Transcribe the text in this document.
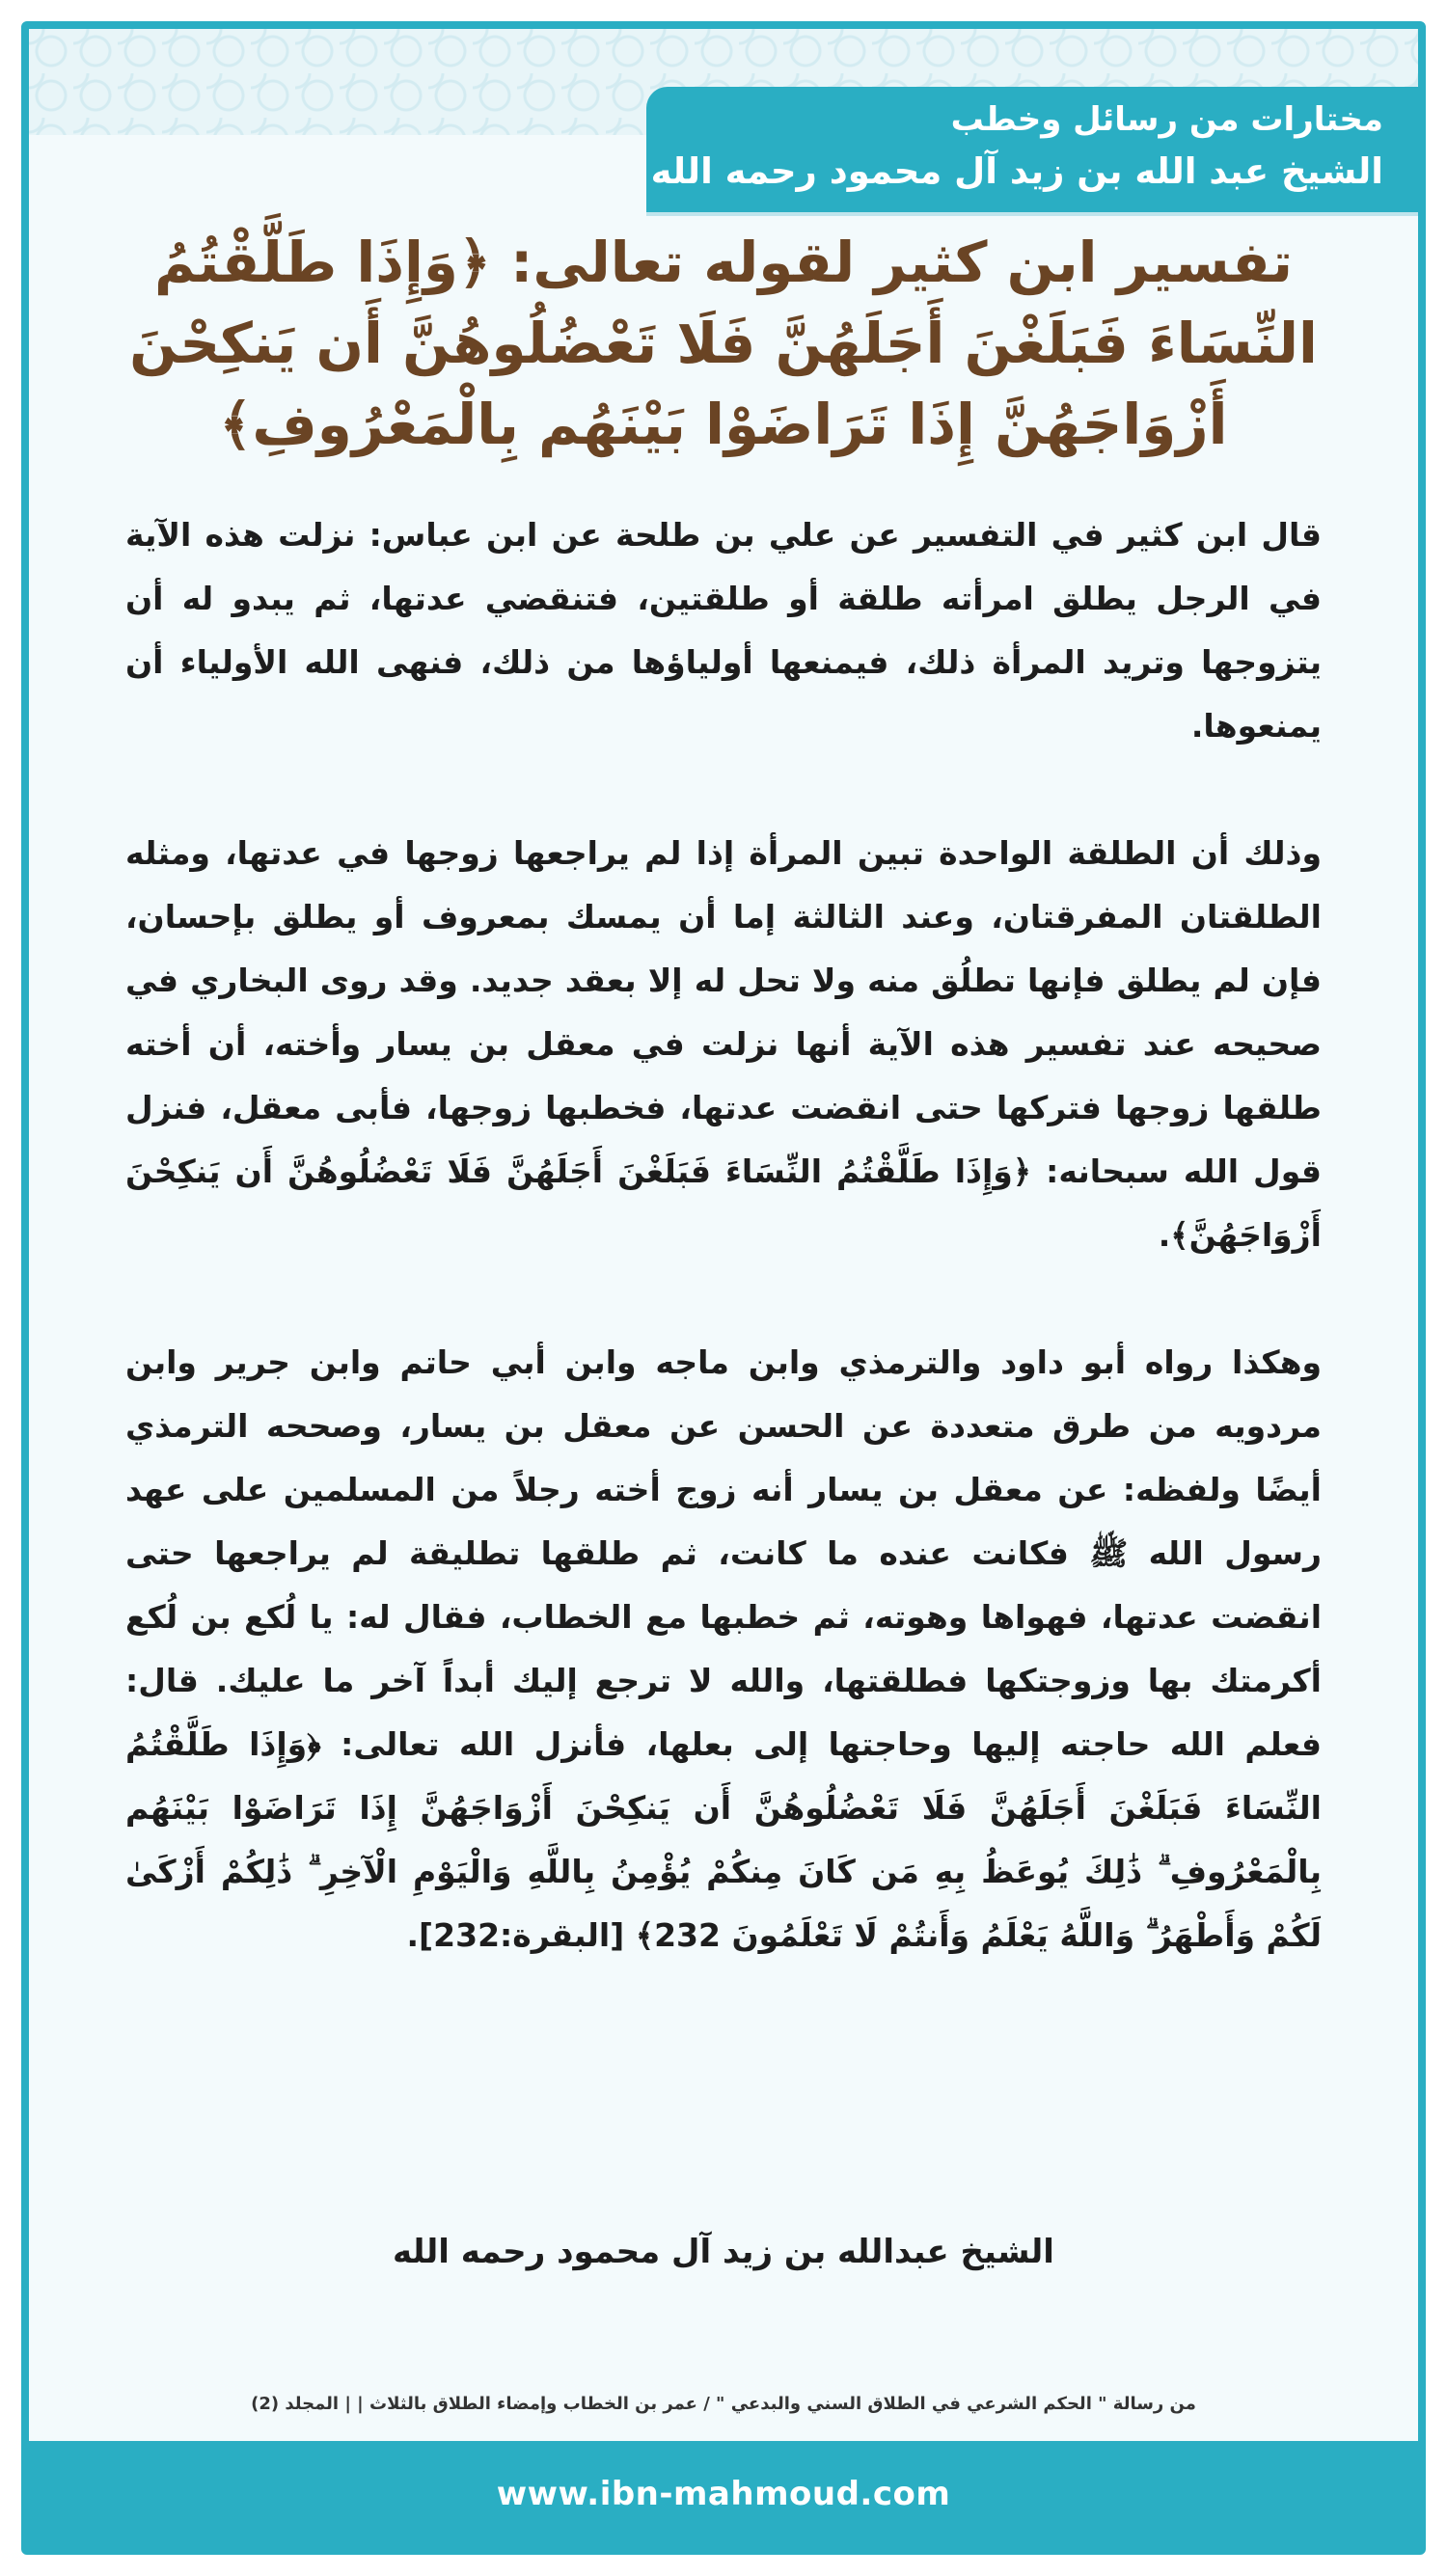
مختارات من رسائل وخطب
الشيخ عبد الله بن زيد آل محمود رحمه الله
تفسير ابن كثير لقوله تعالى: ﴿وَإِذَا طَلَّقْتُمُ النِّسَاءَ فَبَلَغْنَ أَجَلَهُنَّ فَلَا تَعْضُلُوهُنَّ أَن يَنكِحْنَ أَزْوَاجَهُنَّ إِذَا تَرَاضَوْا بَيْنَهُم بِالْمَعْرُوفِ﴾

قال ابن كثير في التفسير عن علي بن طلحة عن ابن عباس: نزلت هذه الآية في الرجل يطلق امرأته طلقة أو طلقتين، فتنقضي عدتها، ثم يبدو له أن يتزوجها وتريد المرأة ذلك، فيمنعها أولياؤها من ذلك، فنهى الله الأولياء أن يمنعوها.

وذلك أن الطلقة الواحدة تبين المرأة إذا لم يراجعها زوجها في عدتها، ومثله الطلقتان المفرقتان، وعند الثالثة إما أن يمسك بمعروف أو يطلق بإحسان، فإن لم يطلق فإنها تطلُق منه ولا تحل له إلا بعقد جديد. وقد روى البخاري في صحيحه عند تفسير هذه الآية أنها نزلت في معقل بن يسار وأخته، أن أخته طلقها زوجها فتركها حتى انقضت عدتها، فخطبها زوجها، فأبى معقل، فنزل قول الله سبحانه: ﴿وَإِذَا طَلَّقْتُمُ النِّسَاءَ فَبَلَغْنَ أَجَلَهُنَّ فَلَا تَعْضُلُوهُنَّ أَن يَنكِحْنَ أَزْوَاجَهُنَّ﴾.

وهكذا رواه أبو داود والترمذي وابن ماجه وابن أبي حاتم وابن جرير وابن مردويه من طرق متعددة عن الحسن عن معقل بن يسار، وصححه الترمذي أيضًا ولفظه: عن معقل بن يسار أنه زوج أخته رجلاً من المسلمين على عهد رسول الله ﷺ فكانت عنده ما كانت، ثم طلقها تطليقة لم يراجعها حتى انقضت عدتها، فهواها وهوته، ثم خطبها مع الخطاب، فقال له: يا لُكع بن لُكع أكرمتك بها وزوجتكها فطلقتها، والله لا ترجع إليك أبداً آخر ما عليك. قال: فعلم الله حاجته إليها وحاجتها إلى بعلها، فأنزل الله تعالى: ﴿وَإِذَا طَلَّقْتُمُ النِّسَاءَ فَبَلَغْنَ أَجَلَهُنَّ فَلَا تَعْضُلُوهُنَّ أَن يَنكِحْنَ أَزْوَاجَهُنَّ إِذَا تَرَاضَوْا بَيْنَهُم بِالْمَعْرُوفِ ۗ ذَٰلِكَ يُوعَظُ بِهِ مَن كَانَ مِنكُمْ يُؤْمِنُ بِاللَّهِ وَالْيَوْمِ الْآخِرِ ۗ ذَٰلِكُمْ أَزْكَىٰ لَكُمْ وَأَطْهَرُ ۗ وَاللَّهُ يَعْلَمُ وَأَنتُمْ لَا تَعْلَمُونَ 232﴾ [البقرة:232].

الشيخ عبدالله بن زيد آل محمود رحمه الله
من رسالة " الحكم الشرعي في الطلاق السني والبدعي " / عمر بن الخطاب وإمضاء الطلاق بالثلاث | | المجلد (2)
www.ibn-mahmoud.com
